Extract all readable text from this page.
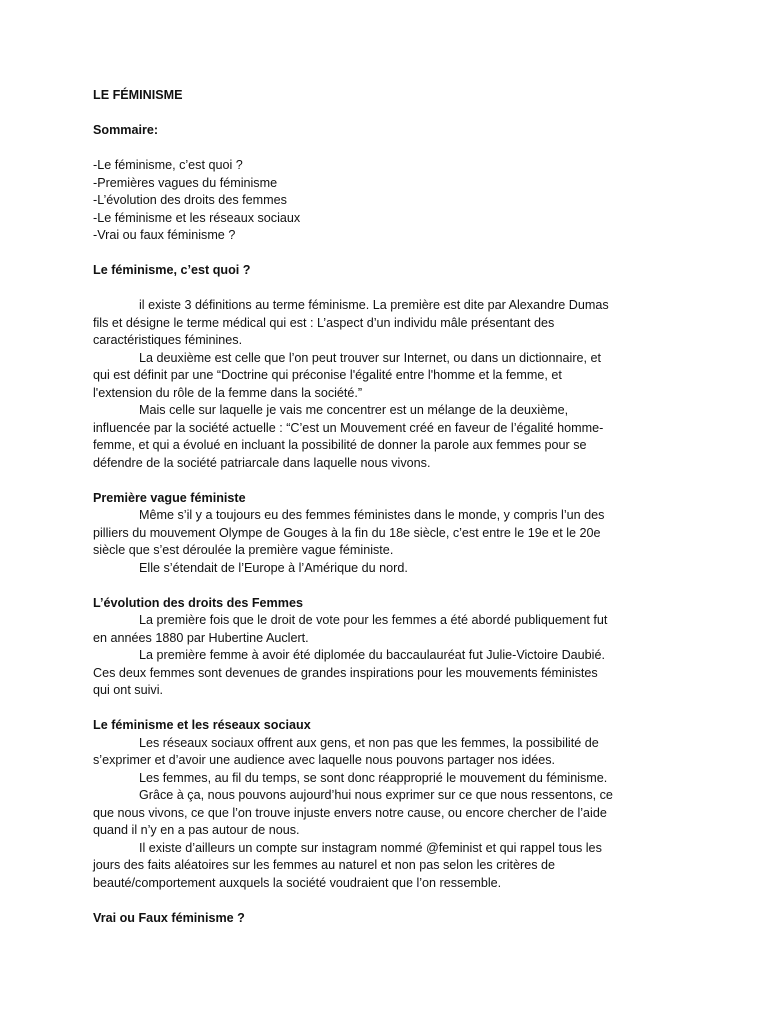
LE FÉMINISME
Sommaire:
-Le féminisme, c’est quoi ?
-Premières vagues du féminisme
-L’évolution des droits des femmes
-Le féminisme et les réseaux sociaux
-Vrai ou faux féminisme ?
Le féminisme, c’est quoi ?
il existe 3 définitions au terme féminisme. La première est dite par Alexandre Dumas
fils et désigne le terme médical qui est : L’aspect d’un individu mâle présentant des
caractéristiques féminines.
La deuxième est celle que l’on peut trouver sur Internet, ou dans un dictionnaire, et
qui est définit par une “Doctrine qui préconise l'égalité entre l'homme et la femme, et
l'extension du rôle de la femme dans la société.”
Mais celle sur laquelle je vais me concentrer est un mélange de la deuxième,
influencée par la société actuelle : “C’est un Mouvement créé en faveur de l’égalité homme-
femme, et qui a évolué en incluant la possibilité de donner la parole aux femmes pour se
défendre de la société patriarcale dans laquelle nous vivons.
Première vague féministe
Même s’il y a toujours eu des femmes féministes dans le monde, y compris l’un des
pilliers du mouvement Olympe de Gouges à la fin du 18e siècle, c’est entre le 19e et le 20e
siècle que s’est déroulée la première vague féministe.
Elle s’étendait de l’Europe à l’Amérique du nord.
L’évolution des droits des Femmes
La première fois que le droit de vote pour les femmes a été abordé publiquement fut
en années 1880 par Hubertine Auclert.
La première femme à avoir été diplomée du baccaulauréat fut Julie-Victoire Daubié.
Ces deux femmes sont devenues de grandes inspirations pour les mouvements féministes
qui ont suivi.
Le féminisme et les réseaux sociaux
Les réseaux sociaux offrent aux gens, et non pas que les femmes, la possibilité de
s’exprimer et d’avoir une audience avec laquelle nous pouvons partager nos idées.
Les femmes, au fil du temps, se sont donc réapproprié le mouvement du féminisme.
Grâce à ça, nous pouvons aujourd’hui nous exprimer sur ce que nous ressentons, ce
que nous vivons, ce que l’on trouve injuste envers notre cause, ou encore chercher de l’aide
quand il n’y en a pas autour de nous.
Il existe d’ailleurs un compte sur instagram nommé @feminist et qui rappel tous les
jours des faits aléatoires sur les femmes au naturel et non pas selon les critères de
beauté/comportement auxquels la société voudraient que l’on ressemble.
Vrai ou Faux féminisme ?
